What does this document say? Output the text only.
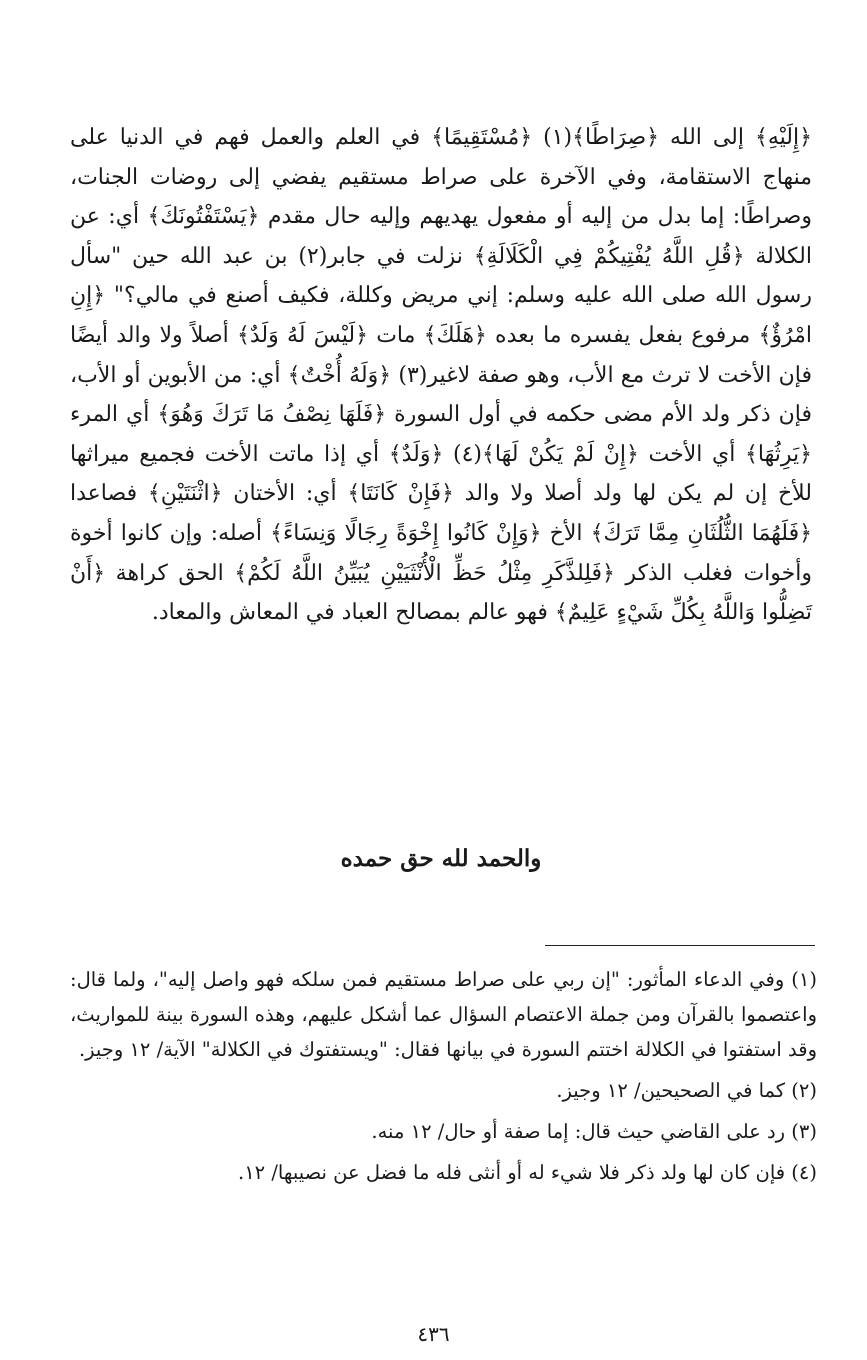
﴿إِلَيْهِ﴾ إلى الله ﴿صِرَاطًا﴾(١) ﴿مُسْتَقِيمًا﴾ في العلم والعمل فهم في الدنيا على منهاج الاستقامة، وفي الآخرة على صراط مستقيم يفضي إلى روضات الجنات، وصراطًا: إما بدل من إليه أو مفعول يهديهم وإليه حال مقدم ﴿يَسْتَفْتُونَكَ﴾ أي: عن الكلالة ﴿قُلِ اللَّهُ يُفْتِيكُمْ فِي الْكَلَالَةِ﴾ نزلت في جابر(٢) بن عبد الله حين "سأل رسول الله صلى الله عليه وسلم: إني مريض وكللة، فكيف أصنع في مالي؟" ﴿إِنِ امْرُؤٌ﴾ مرفوع بفعل يفسره ما بعده ﴿هَلَكَ﴾ مات ﴿لَيْسَ لَهُ وَلَدٌ﴾ أصلاً ولا والد أيضًا فإن الأخت لا ترث مع الأب، وهو صفة لاغير(٣) ﴿وَلَهُ أُخْتٌ﴾ أي: من الأبوين أو الأب، فإن ذكر ولد الأم مضى حكمه في أول السورة ﴿فَلَهَا نِصْفُ مَا تَرَكَ وَهُوَ﴾ أي المرء ﴿يَرِثُهَا﴾ أي الأخت ﴿إِنْ لَمْ يَكُنْ لَهَا﴾(٤) ﴿وَلَدٌ﴾ أي إذا ماتت الأخت فجميع ميراثها للأخ إن لم يكن لها ولد أصلا ولا والد ﴿فَإِنْ كَانَتَا﴾ أي: الأختان ﴿اثْنَتَيْنِ﴾ فصاعدا ﴿فَلَهُمَا الثُّلُثَانِ مِمَّا تَرَكَ﴾ الأخ ﴿وَإِنْ كَانُوا إِخْوَةً رِجَالًا وَنِسَاءً﴾ أصله: وإن كانوا أخوة وأخوات فغلب الذكر ﴿فَلِلذَّكَرِ مِثْلُ حَظِّ الْأُنْثَيَيْنِ يُبَيِّنُ اللَّهُ لَكُمْ﴾ الحق كراهة ﴿أَنْ تَضِلُّوا وَاللَّهُ بِكُلِّ شَيْءٍ عَلِيمٌ﴾ فهو عالم بمصالح العباد في المعاش والمعاد.

والحمد لله حق حمده

(١) وفي الدعاء المأثور: "إن ربي على صراط مستقيم فمن سلكه فهو واصل إليه"، ولما قال: واعتصموا بالقرآن ومن جملة الاعتصام السؤال عما أشكل عليهم، وهذه السورة بينة للمواريث، وقد استفتوا في الكلالة اختتم السورة في بيانها فقال: "ويستفتوك في الكلالة" الآية/ ١٢ وجيز.

(٢) كما في الصحيحين/ ١٢ وجيز.

(٣) رد على القاضي حيث قال: إما صفة أو حال/ ١٢ منه.

(٤) فإن كان لها ولد ذكر فلا شيء له أو أنثى فله ما فضل عن نصيبها/ ١٢.

٤٣٦
